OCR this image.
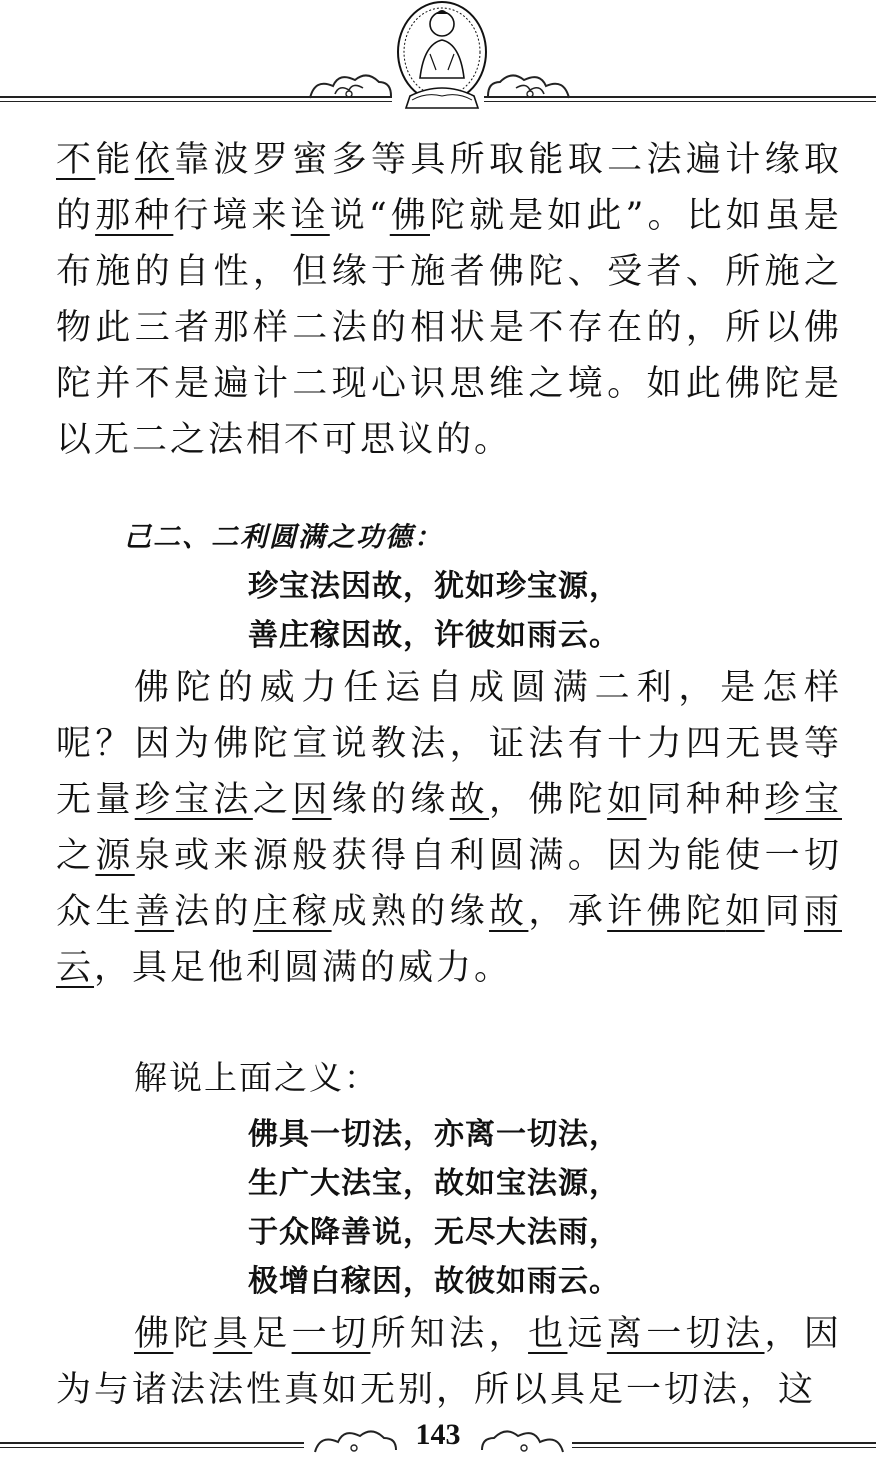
不能依靠波罗蜜多等具所取能取二法遍计缘取的那种行境来诠说“佛陀就是如此”。比如虽是布施的自性，但缘于施者佛陀、受者、所施之物此三者那样二法的相状是不存在的，所以佛陀并不是遍计二现心识思维之境。如此佛陀是以无二之法相不可思议的。

己二、二利圆满之功德：

珍宝法因故，犹如珍宝源，

善庄稼因故，许彼如雨云。

佛陀的威力任运自成圆满二利，是怎样呢？因为佛陀宣说教法，证法有十力四无畏等无量珍宝法之因缘的缘故，佛陀如同种种珍宝之源泉或来源般获得自利圆满。因为能使一切众生善法的庄稼成熟的缘故，承许佛陀如同雨云，具足他利圆满的威力。

解说上面之义：

佛具一切法，亦离一切法，

生广大法宝，故如宝法源，

于众降善说，无尽大法雨，

极增白稼因，故彼如雨云。

佛陀具足一切所知法，也远离一切法，因为与诸法法性真如无别，所以具足一切法，这

143
